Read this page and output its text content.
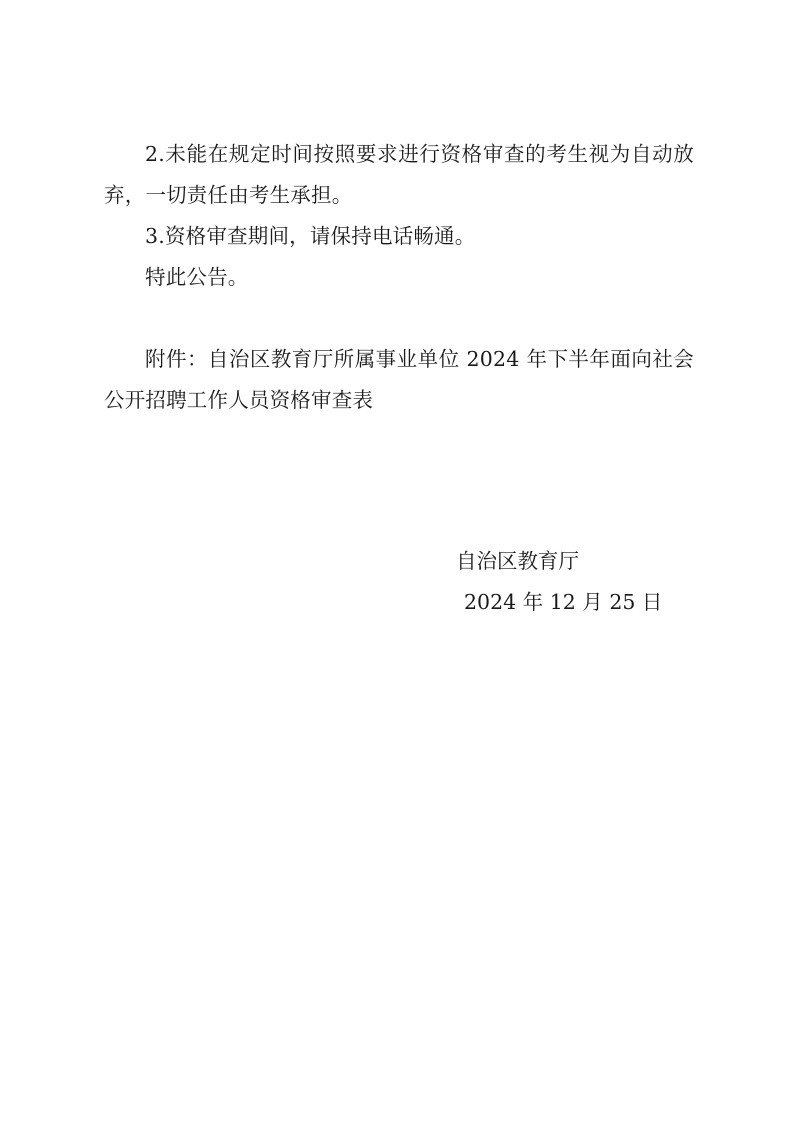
2.未能在规定时间按照要求进行资格审查的考生视为自动放弃，一切责任由考生承担。

3.资格审查期间，请保持电话畅通。

特此公告。

附件：自治区教育厅所属事业单位 2024 年下半年面向社会公开招聘工作人员资格审查表

自治区教育厅
2024 年 12 月 25 日
